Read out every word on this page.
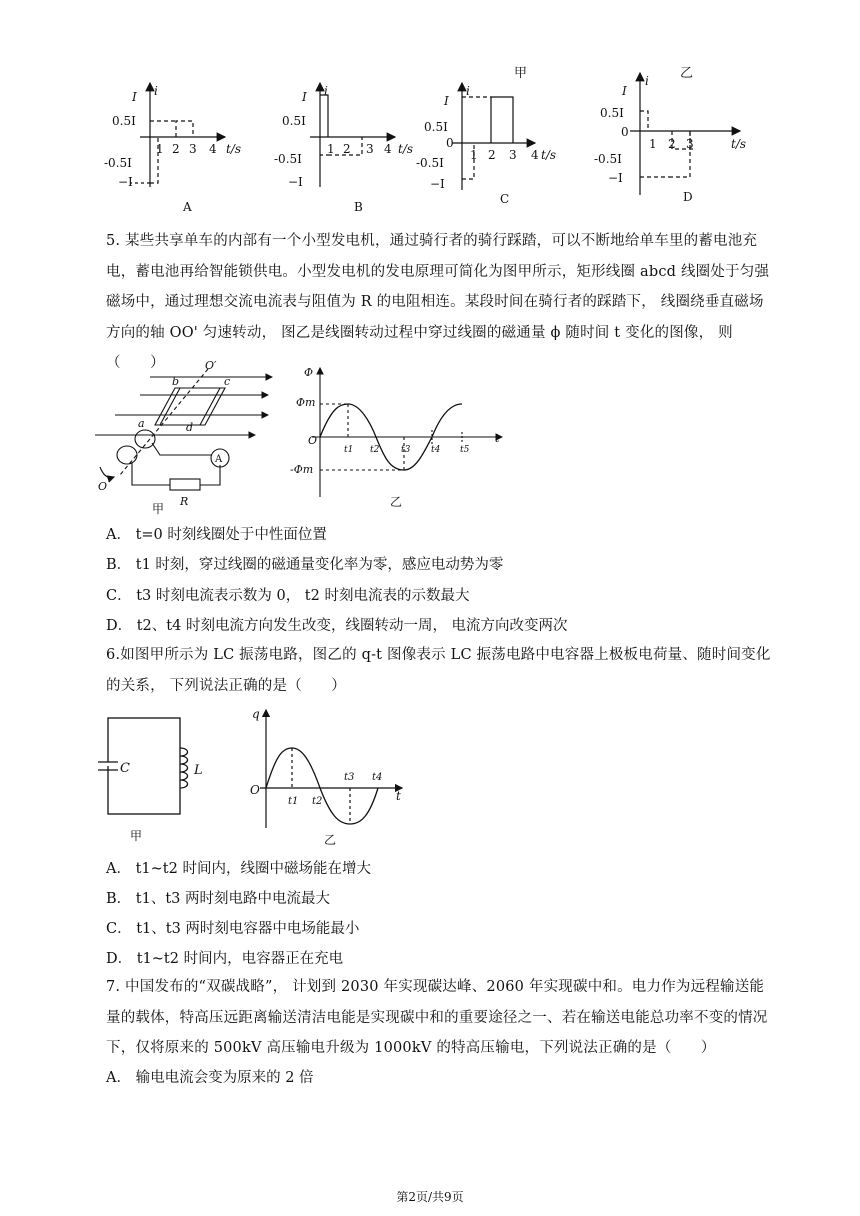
甲	乙
i
I
0.5I
-0.5I
−I
1 2 3 4 t/s
A
i
I
0.5I
-0.5I
−I
1 2 3 4 t/s
B
i
I
0.5I
0
-0.5I
−I
1 2 3 4 t/s
C
i
I
0.5I
0
-0.5I
−I
1 2 3	t/s
D
5. 某些共享单车的内部有一个小型发电机，通过骑行者的骑行踩踏，可以不断地给单车里的蓄电池充电，蓄电池再给智能锁供电。小型发电机的发电原理可简化为图甲所示，矩形线圈 abcd 线圈处于匀强磁场中，通过理想交流电流表与阻值为 R 的电阻相连。某段时间在骑行者的踩踏下， 线圈绕垂直磁场方向的轴 OO' 匀速转动， 图乙是线圈转动过程中穿过线圈的磁通量 ϕ 随时间 t 变化的图像， 则（　　）	O′
b	c
a	d
O
A
R
甲
Φ
Φm
-Φm
O
t1 t2 t3 t4 t5
t
乙
A． t=0 时刻线圈处于中性面位置
B． t1 时刻，穿过线圈的磁通量变化率为零，感应电动势为零
C． t3 时刻电流表示数为 0， t2 时刻电流表的示数最大
D． t2、t4 时刻电流方向发生改变，线圈转动一周， 电流方向改变两次
6.如图甲所示为 LC 振荡电路，图乙的 q-t 图像表示 LC 振荡电路中电容器上极板电荷量、随时间变化的关系， 下列说法正确的是（　　）
C	L
甲
q
O
t1 t2
t3 t4
t
乙
A． t1~t2 时间内，线圈中磁场能在增大
B． t1、t3 两时刻电路中电流最大
C． t1、t3 两时刻电容器中电场能最小
D． t1~t2 时间内，电容器正在充电
7. 中国发布的“双碳战略”， 计划到 2030 年实现碳达峰、2060 年实现碳中和。电力作为远程输送能量的载体，特高压远距离输送清洁电能是实现碳中和的重要途径之一、若在输送电能总功率不变的情况下，仅将原来的 500kV 高压输电升级为 1000kV 的特高压输电，下列说法正确的是（　　）
A． 输电电流会变为原来的 2 倍
第2页/共9页
